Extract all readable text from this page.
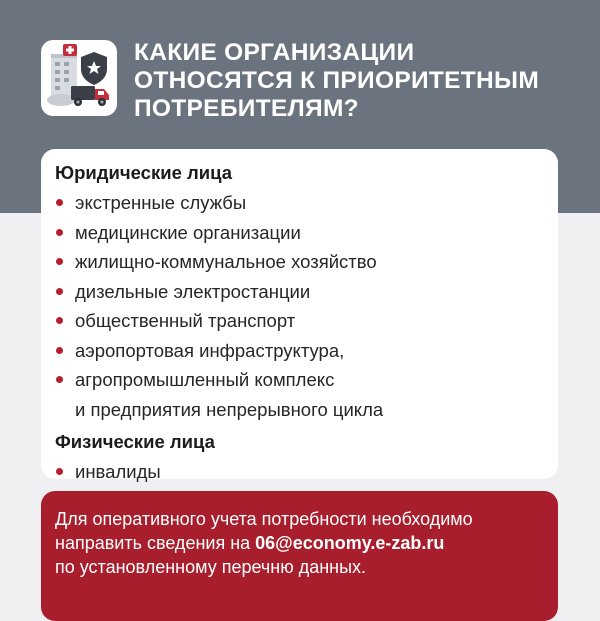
КАКИЕ ОРГАНИЗАЦИИ
ОТНОСЯТСЯ К ПРИОРИТЕТНЫМ
ПОТРЕБИТЕЛЯМ?
Юридические лица
экстренные службы
медицинские организации
жилищно-коммунальное хозяйство
дизельные электростанции
общественный транспорт
аэропортовая инфраструктура,
агропромышленный комплекс
и предприятия непрерывного цикла
Физические лица
инвалиды
Для оперативного учета потребности необходимо
направить сведения на 06@economy.e-zab.ru
по установленному перечню данных.
